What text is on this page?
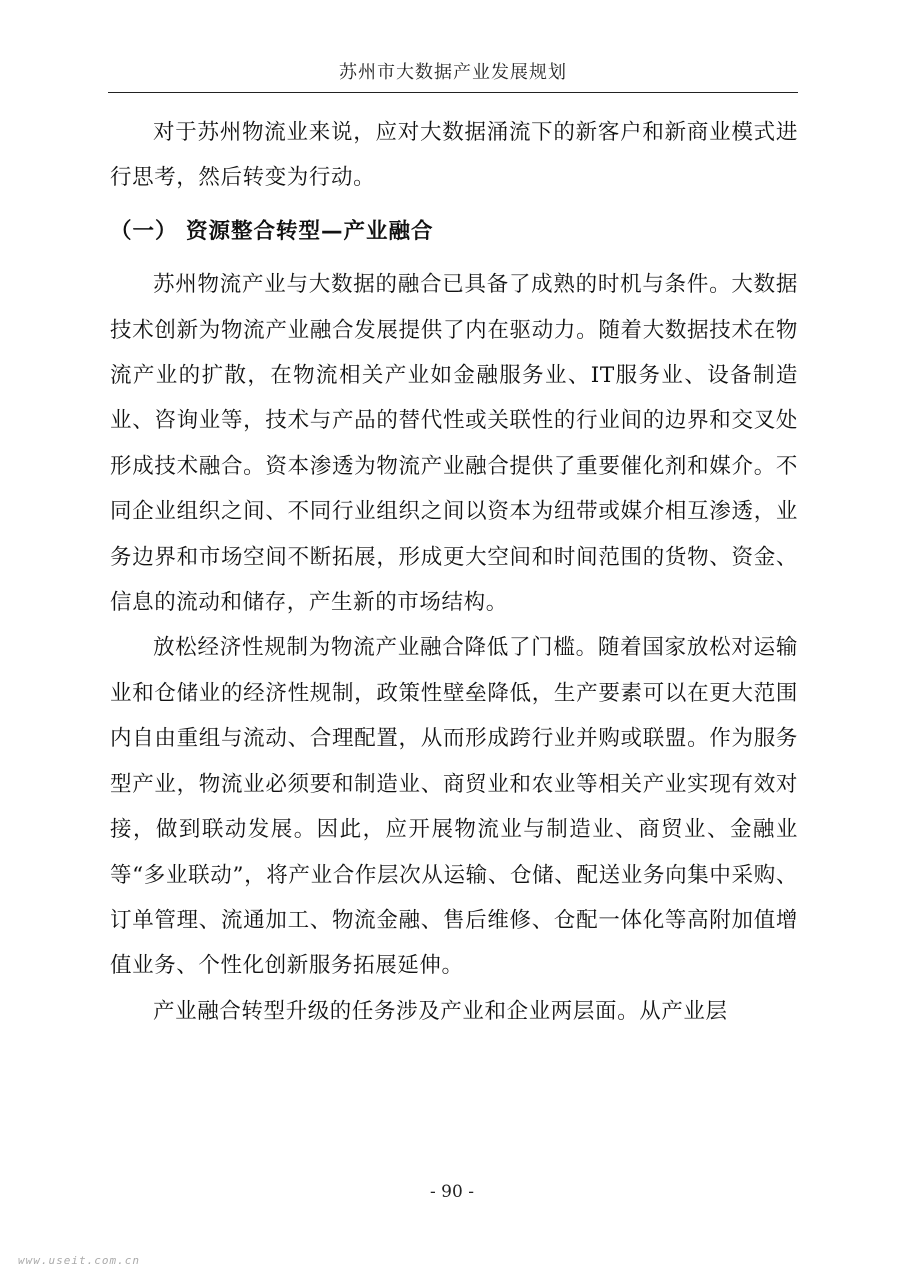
苏州市大数据产业发展规划

对于苏州物流业来说，应对大数据涌流下的新客户和新商业模式进行思考，然后转变为行动。

（一） 资源整合转型—产业融合

苏州物流产业与大数据的融合已具备了成熟的时机与条件。大数据技术创新为物流产业融合发展提供了内在驱动力。随着大数据技术在物流产业的扩散，在物流相关产业如金融服务业、IT服务业、设备制造业、咨询业等，技术与产品的替代性或关联性的行业间的边界和交叉处形成技术融合。资本渗透为物流产业融合提供了重要催化剂和媒介。不同企业组织之间、不同行业组织之间以资本为纽带或媒介相互渗透，业务边界和市场空间不断拓展，形成更大空间和时间范围的货物、资金、信息的流动和储存，产生新的市场结构。

放松经济性规制为物流产业融合降低了门槛。随着国家放松对运输业和仓储业的经济性规制，政策性壁垒降低，生产要素可以在更大范围内自由重组与流动、合理配置，从而形成跨行业并购或联盟。作为服务型产业，物流业必须要和制造业、商贸业和农业等相关产业实现有效对接，做到联动发展。因此，应开展物流业与制造业、商贸业、金融业等“多业联动”，将产业合作层次从运输、仓储、配送业务向集中采购、订单管理、流通加工、物流金融、售后维修、仓配一体化等高附加值增值业务、个性化创新服务拓展延伸。

产业融合转型升级的任务涉及产业和企业两层面。从产业层

- 90 -
www.useit.com.cn
